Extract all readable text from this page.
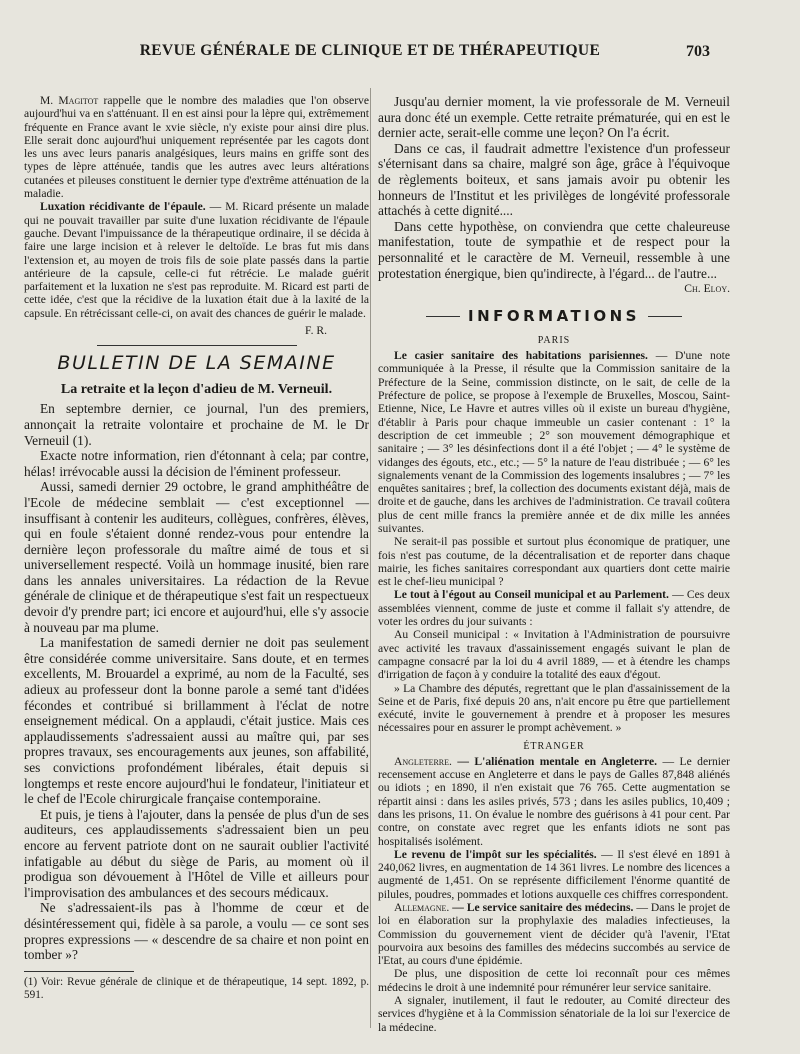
REVUE GÉNÉRALE DE CLINIQUE ET DE THÉRAPEUTIQUE	703

M. Magitot rappelle que le nombre des maladies que l'on observe aujourd'hui va en s'atténuant. Il en est ainsi pour la lèpre qui, extrêmement fréquente en France avant le xvie siècle, n'y existe pour ainsi dire plus. Elle serait donc aujourd'hui uniquement représentée par les cagots dont les uns avec leurs panaris analgésiques, leurs mains en griffe sont des types de lèpre atténuée, tandis que les autres avec leurs altérations cutanées et pileuses constituent le dernier type d'extrême atténuation de la maladie.

Luxation récidivante de l'épaule. — M. Ricard présente un malade qui ne pouvait travailler par suite d'une luxation récidivante de l'épaule gauche. Devant l'impuissance de la thérapeutique ordinaire, il se décida à faire une large incision et à relever le deltoïde. Le bras fut mis dans l'extension et, au moyen de trois fils de soie plate passés dans la partie antérieure de la capsule, celle-ci fut rétrécie. Le malade guérit parfaitement et la luxation ne s'est pas reproduite. M. Ricard est parti de cette idée, c'est que la récidive de la luxation était due à la laxité de la capsule. En rétrécissant celle-ci, on avait des chances de guérir le malade.

F. R.

BULLETIN DE LA SEMAINE

La retraite et la leçon d'adieu de M. Verneuil.

En septembre dernier, ce journal, l'un des premiers, annonçait la retraite volontaire et prochaine de M. le Dr Verneuil (1).

Exacte notre information, rien d'étonnant à cela; par contre, hélas! irrévocable aussi la décision de l'éminent professeur.

Aussi, samedi dernier 29 octobre, le grand amphithéâtre de l'Ecole de médecine semblait — c'est exceptionnel — insuffisant à contenir les auditeurs, collègues, confrères, élèves, qui en foule s'étaient donné rendez-vous pour entendre la dernière leçon professorale du maître aimé de tous et si universellement respecté. Voilà un hommage inusité, bien rare dans les annales universitaires. La rédaction de la Revue générale de clinique et de thérapeutique s'est fait un respectueux devoir d'y prendre part; ici encore et aujourd'hui, elle s'y associe à nouveau par ma plume.

La manifestation de samedi dernier ne doit pas seulement être considérée comme universitaire. Sans doute, et en termes excellents, M. Brouardel a exprimé, au nom de la Faculté, ses adieux au professeur dont la bonne parole a semé tant d'idées fécondes et contribué si brillamment à l'éclat de notre enseignement médical. On a applaudi, c'était justice. Mais ces applaudissements s'adressaient aussi au maître qui, par ses propres travaux, ses encouragements aux jeunes, son affabilité, ses convictions profondément libérales, était depuis si longtemps et reste encore aujourd'hui le fondateur, l'initiateur et le chef de l'Ecole chirurgicale française contemporaine.

Et puis, je tiens à l'ajouter, dans la pensée de plus d'un de ses auditeurs, ces applaudissements s'adressaient bien un peu encore au fervent patriote dont on ne saurait oublier l'activité infatigable au début du siège de Paris, au moment où il prodigua son dévouement à l'Hôtel de Ville et ailleurs pour l'improvisation des ambulances et des secours médicaux.

Ne s'adressaient-ils pas à l'homme de cœur et de désintéressement qui, fidèle à sa parole, a voulu — ce sont ses propres expressions — « descendre de sa chaire et non point en tomber »?

(1) Voir: Revue générale de clinique et de thérapeutique, 14 sept. 1892, p. 591.

Jusqu'au dernier moment, la vie professorale de M. Verneuil aura donc été un exemple. Cette retraite prématurée, qui en est le dernier acte, serait-elle comme une leçon? On l'a écrit.

Dans ce cas, il faudrait admettre l'existence d'un professeur s'éternisant dans sa chaire, malgré son âge, grâce à l'équivoque de règlements boiteux, et sans jamais avoir pu obtenir les honneurs de l'Institut et les privilèges de longévité professorale attachés à cette dignité....

Dans cette hypothèse, on conviendra que cette chaleureuse manifestation, toute de sympathie et de respect pour la personnalité et le caractère de M. Verneuil, ressemble à une protestation énergique, bien qu'indirecte, à l'égard... de l'autre...

Ch. Eloy.

INFORMATIONS

PARIS

Le casier sanitaire des habitations parisiennes. — D'une note communiquée à la Presse, il résulte que la Commission sanitaire de la Préfecture de la Seine, commission distincte, on le sait, de celle de la Préfecture de police, se propose à l'exemple de Bruxelles, Moscou, Saint-Etienne, Nice, Le Havre et autres villes où il existe un bureau d'hygiène, d'établir à Paris pour chaque immeuble un casier contenant : 1° la description de cet immeuble ; 2° son mouvement démographique et sanitaire ; — 3° les désinfections dont il a été l'objet ; — 4° le système de vidanges des égouts, etc., etc.; — 5° la nature de l'eau distribuée ; — 6° les signalements venant de la Commission des logements insalubres ; — 7° les enquêtes sanitaires ; bref, la collection des documents existant déjà, mais de droite et de gauche, dans les archives de l'administration. Ce travail coûtera plus de cent mille francs la première année et de dix mille les années suivantes.

Ne serait-il pas possible et surtout plus économique de pratiquer, une fois n'est pas coutume, de la décentralisation et de reporter dans chaque mairie, les fiches sanitaires correspondant aux quartiers dont cette mairie est le chef-lieu municipal ?

Le tout à l'égout au Conseil municipal et au Parlement. — Ces deux assemblées viennent, comme de juste et comme il fallait s'y attendre, de voter les ordres du jour suivants :

Au Conseil municipal : « Invitation à l'Administration de poursuivre avec activité les travaux d'assainissement engagés suivant le plan de campagne consacré par la loi du 4 avril 1889, — et à étendre les champs d'irrigation de façon à y conduire la totalité des eaux d'égout.

» La Chambre des députés, regrettant que le plan d'assainissement de la Seine et de Paris, fixé depuis 20 ans, n'ait encore pu être que partiellement exécuté, invite le gouvernement à prendre et à proposer les mesures nécessaires pour en assurer le prompt achèvement. »

ÉTRANGER

Angleterre. — L'aliénation mentale en Angleterre. — Le dernier recensement accuse en Angleterre et dans le pays de Galles 87,848 aliénés ou idiots ; en 1890, il n'en existait que 76 765. Cette augmentation se répartit ainsi : dans les asiles privés, 573 ; dans les asiles publics, 10,409 ; dans les prisons, 11. On évalue le nombre des guérisons à 41 pour cent. Par contre, on constate avec regret que les enfants idiots ne sont pas hospitalisés isolément.

Le revenu de l'impôt sur les spécialités. — Il s'est élevé en 1891 à 240,062 livres, en augmentation de 14 361 livres. Le nombre des licences a augmenté de 1,451. On se représente difficilement l'énorme quantité de pilules, poudres, pommades et lotions auxquelle ces chiffres correspondent.

Allemagne. — Le service sanitaire des médecins. — Dans le projet de loi en élaboration sur la prophylaxie des maladies infectieuses, la Commission du gouvernement vient de décider qu'à l'avenir, l'Etat pourvoira aux besoins des familles des médecins succombés au service de l'Etat, au cours d'une épidémie.

De plus, une disposition de cette loi reconnaît pour ces mêmes médecins le droit à une indemnité pour rémunérer leur service sanitaire.

A signaler, inutilement, il faut le redouter, au Comité directeur des services d'hygiène et à la Commission sénatoriale de la loi sur l'exercice de la médecine.
